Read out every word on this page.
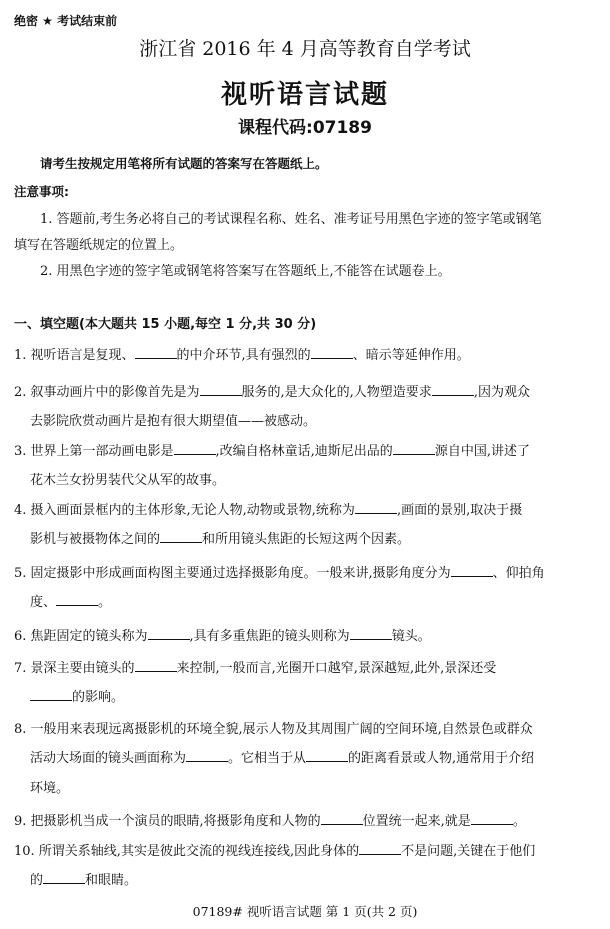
绝密 ★ 考试结束前
浙江省 2016 年 4 月高等教育自学考试
视听语言试题
课程代码:07189
请考生按规定用笔将所有试题的答案写在答题纸上。
注意事项:
1. 答题前,考生务必将自己的考试课程名称、姓名、准考证号用黑色字迹的签字笔或钢笔
填写在答题纸规定的位置上。
2. 用黑色字迹的签字笔或钢笔将答案写在答题纸上,不能答在试题卷上。
一、填空题(本大题共 15 小题,每空 1 分,共 30 分)
1. 视听语言是复现、	的中介环节,具有强烈的	、暗示等延伸作用。
2. 叙事动画片中的影像首先是为	服务的,是大众化的,人物塑造要求	,因为观众
去影院欣赏动画片是抱有很大期望值——被感动。
3. 世界上第一部动画电影是	,改编自格林童话,迪斯尼出品的	源自中国,讲述了
花木兰女扮男装代父从军的故事。
4. 摄入画面景框内的主体形象,无论人物,动物或景物,统称为	,画面的景别,取决于摄
影机与被摄物体之间的	和所用镜头焦距的长短这两个因素。
5. 固定摄影中形成画面构图主要通过选择摄影角度。一般来讲,摄影角度分为	、仰拍角
度、	。
6. 焦距固定的镜头称为	,具有多重焦距的镜头则称为	镜头。
7. 景深主要由镜头的	来控制,一般而言,光圈开口越窄,景深越短,此外,景深还受
的影响。
8. 一般用来表现远离摄影机的环境全貌,展示人物及其周围广阔的空间环境,自然景色或群众
活动大场面的镜头画面称为	。它相当于从	的距离看景或人物,通常用于介绍
环境。
9. 把摄影机当成一个演员的眼睛,将摄影角度和人物的	位置统一起来,就是	。
10. 所谓关系轴线,其实是彼此交流的视线连接线,因此身体的	不是问题,关键在于他们
的	和眼睛。
07189# 视听语言试题 第 1 页(共 2 页)
